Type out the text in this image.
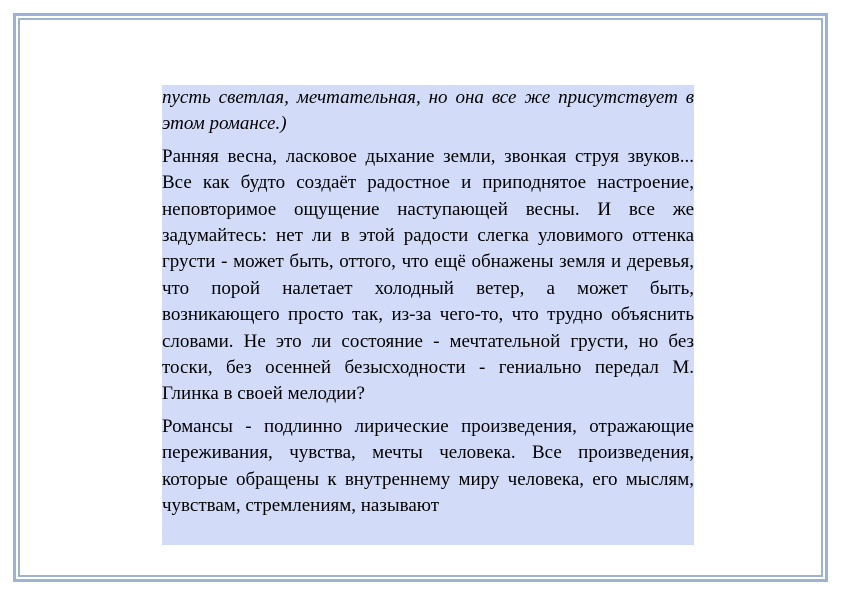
пусть светлая, мечтательная, но она все же присутствует в этом романсе.)

Ранняя весна, ласковое дыхание земли, звонкая струя звуков... Все как будто создаёт радостное и приподнятое настроение, неповторимое ощущение наступающей весны. И все же задумайтесь: нет ли в этой радости слегка уловимого оттенка грусти - может быть, оттого, что ещё обнажены земля и деревья, что порой налетает холодный ветер, а может быть, возникающего просто так, из-за чего-то, что трудно объяснить словами. Не это ли состояние - мечтательной грусти, но без тоски, без осенней безысходности - гениально передал М. Глинка в своей мелодии?

Романсы - подлинно лирические произведения, отражающие переживания, чувства, мечты человека. Все произведения, которые обращены к внутреннему миру человека, его мыслям, чувствам, стремлениям, называют
